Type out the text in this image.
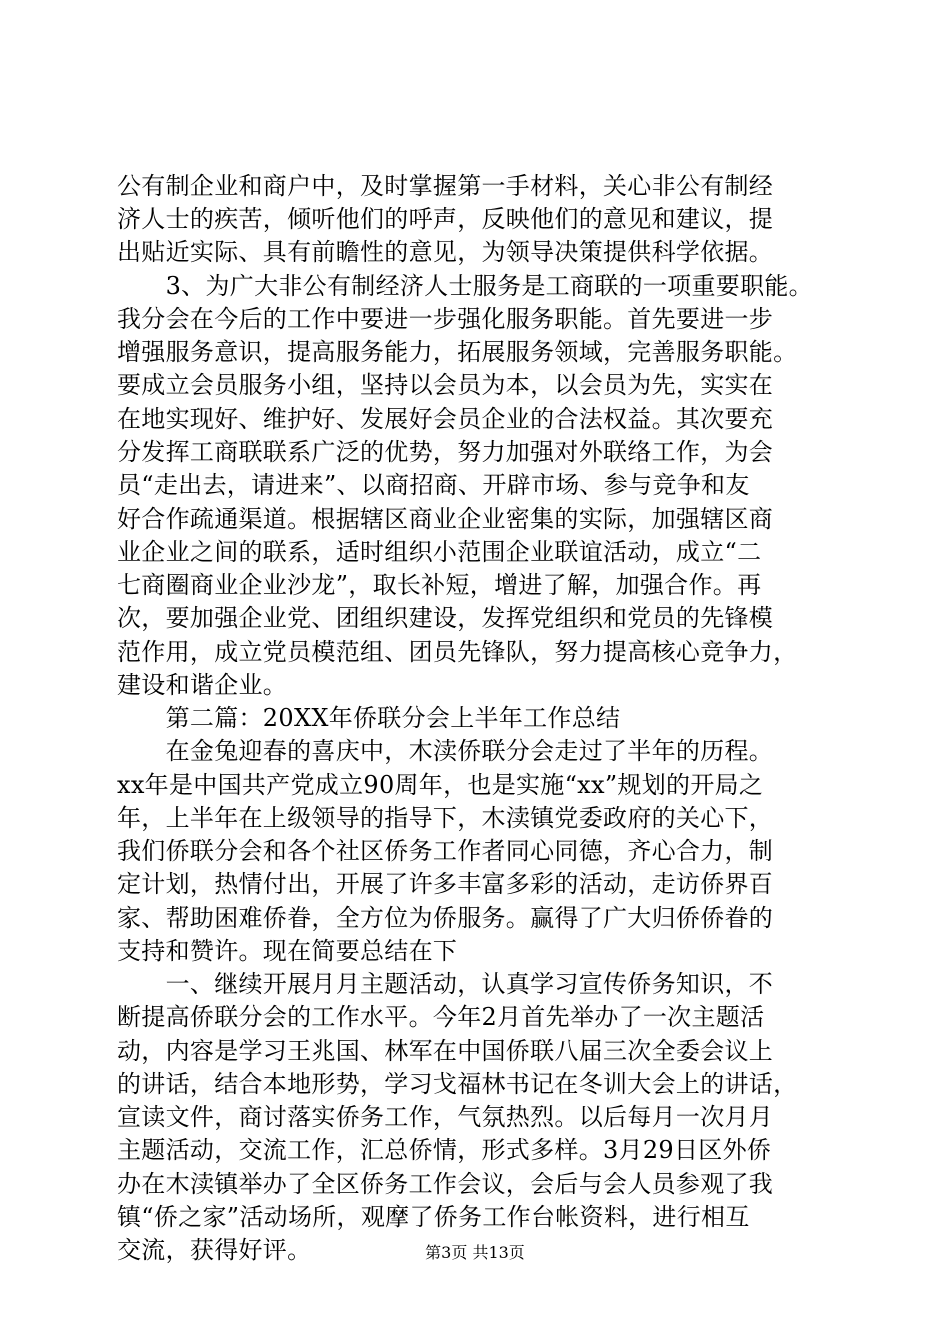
公有制企业和商户中，及时掌握第一手材料，关心非公有制经
济人士的疾苦，倾听他们的呼声，反映他们的意见和建议，提
出贴近实际、具有前瞻性的意见，为领导决策提供科学依据。
　　3、为广大非公有制经济人士服务是工商联的一项重要职能。
我分会在今后的工作中要进一步强化服务职能。首先要进一步
增强服务意识，提高服务能力，拓展服务领域，完善服务职能。
要成立会员服务小组，坚持以会员为本，以会员为先，实实在
在地实现好、维护好、发展好会员企业的合法权益。其次要充
分发挥工商联联系广泛的优势，努力加强对外联络工作，为会
员“走出去，请进来”、以商招商、开辟市场、参与竞争和友
好合作疏通渠道。根据辖区商业企业密集的实际，加强辖区商
业企业之间的联系，适时组织小范围企业联谊活动，成立“二
七商圈商业企业沙龙”，取长补短，增进了解，加强合作。再
次，要加强企业党、团组织建设，发挥党组织和党员的先锋模
范作用，成立党员模范组、团员先锋队，努力提高核心竞争力，
建设和谐企业。
　　第二篇：20XX年侨联分会上半年工作总结
　　在金兔迎春的喜庆中，木渎侨联分会走过了半年的历程。
xx年是中国共产党成立90周年，也是实施“xx”规划的开局之
年，上半年在上级领导的指导下，木渎镇党委政府的关心下，
我们侨联分会和各个社区侨务工作者同心同德，齐心合力，制
定计划，热情付出，开展了许多丰富多彩的活动，走访侨界百
家、帮助困难侨眷，全方位为侨服务。赢得了广大归侨侨眷的
支持和赞许。现在简要总结在下
　　一、继续开展月月主题活动，认真学习宣传侨务知识，不
断提高侨联分会的工作水平。今年2月首先举办了一次主题活
动，内容是学习王兆国、林军在中国侨联八届三次全委会议上
的讲话，结合本地形势，学习戈福林书记在冬训大会上的讲话，
宣读文件，商讨落实侨务工作，气氛热烈。以后每月一次月月
主题活动，交流工作，汇总侨情，形式多样。3月29日区外侨
办在木渎镇举办了全区侨务工作会议，会后与会人员参观了我
镇“侨之家”活动场所，观摩了侨务工作台帐资料，进行相互
交流，获得好评。	第3页 共13页
